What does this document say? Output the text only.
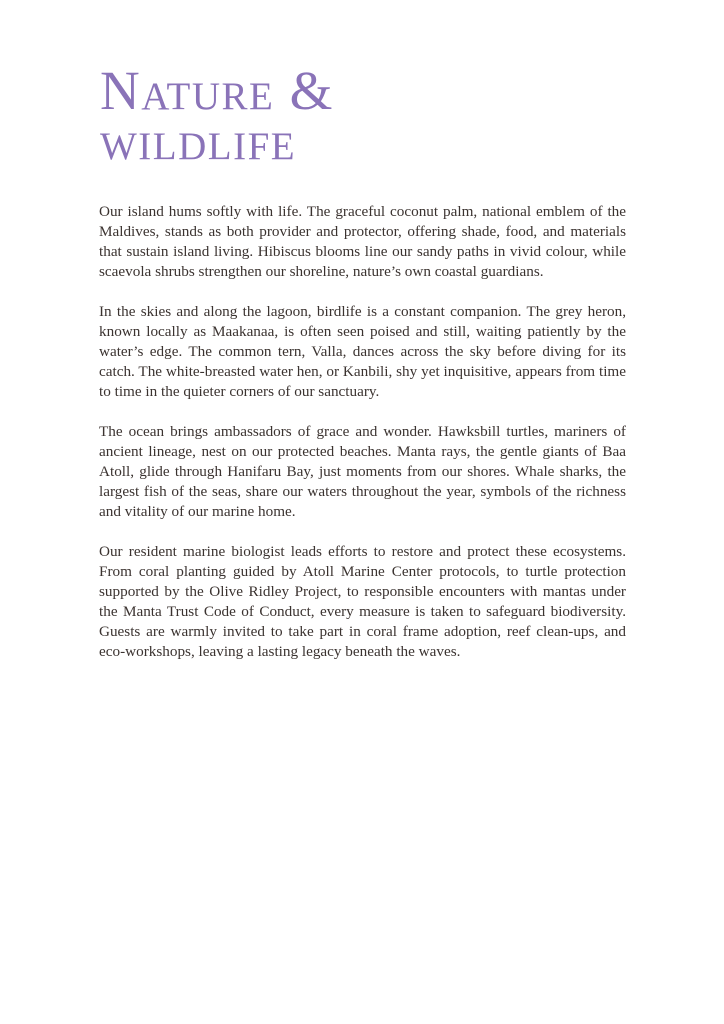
Nature &
wildlife

Our island hums softly with life. The graceful coconut palm, national emblem of the Maldives, stands as both provider and protector, offering shade, food, and materials that sustain island living. Hibiscus blooms line our sandy paths in vivid colour, while scaevola shrubs strengthen our shoreline, nature’s own coastal guardians.

In the skies and along the lagoon, birdlife is a constant companion. The grey heron, known locally as Maakanaa, is often seen poised and still, waiting patiently by the water’s edge. The common tern, Valla, dances across the sky before diving for its catch. The white-breasted water hen, or Kanbili, shy yet inquisitive, appears from time to time in the quieter corners of our sanctuary.

The ocean brings ambassadors of grace and wonder. Hawksbill turtles, mariners of ancient lineage, nest on our protected beaches. Manta rays, the gentle giants of Baa Atoll, glide through Hanifaru Bay, just moments from our shores. Whale sharks, the largest fish of the seas, share our waters throughout the year, symbols of the richness and vitality of our marine home.

Our resident marine biologist leads efforts to restore and protect these ecosystems. From coral planting guided by Atoll Marine Center protocols, to turtle protection supported by the Olive Ridley Project, to responsible encounters with mantas under the Manta Trust Code of Conduct, every measure is taken to safeguard biodiversity. Guests are warmly invited to take part in coral frame adoption, reef clean-ups, and eco-workshops, leaving a lasting legacy beneath the waves.
